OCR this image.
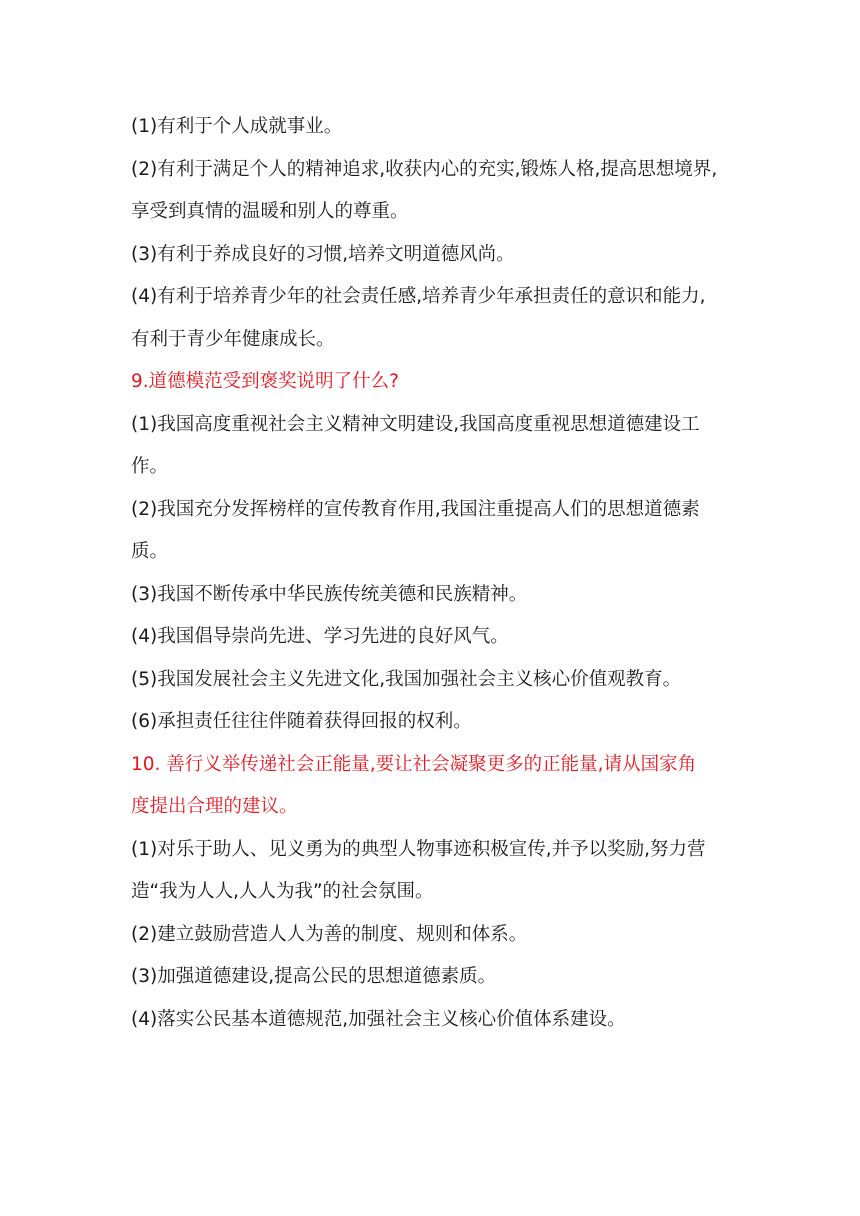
(1)有利于个人成就事业。

(2)有利于满足个人的精神追求,收获内心的充实,锻炼人格,提高思想境界,

享受到真情的温暖和别人的尊重。

(3)有利于养成良好的习惯,培养文明道德风尚。

(4)有利于培养青少年的社会责任感,培养青少年承担责任的意识和能力,

有利于青少年健康成长。

9.道德模范受到褒奖说明了什么?

(1)我国高度重视社会主义精神文明建设,我国高度重视思想道德建设工

作。

(2)我国充分发挥榜样的宣传教育作用,我国注重提高人们的思想道德素

质。

(3)我国不断传承中华民族传统美德和民族精神。

(4)我国倡导崇尚先进、学习先进的良好风气。

(5)我国发展社会主义先进文化,我国加强社会主义核心价值观教育。

(6)承担责任往往伴随着获得回报的权利。

10. 善行义举传递社会正能量,要让社会凝聚更多的正能量,请从国家角

度提出合理的建议。

(1)对乐于助人、见义勇为的典型人物事迹积极宣传,并予以奖励,努力营

造“我为人人,人人为我”的社会氛围。

(2)建立鼓励营造人人为善的制度、规则和体系。

(3)加强道德建设,提高公民的思想道德素质。

(4)落实公民基本道德规范,加强社会主义核心价值体系建设。
